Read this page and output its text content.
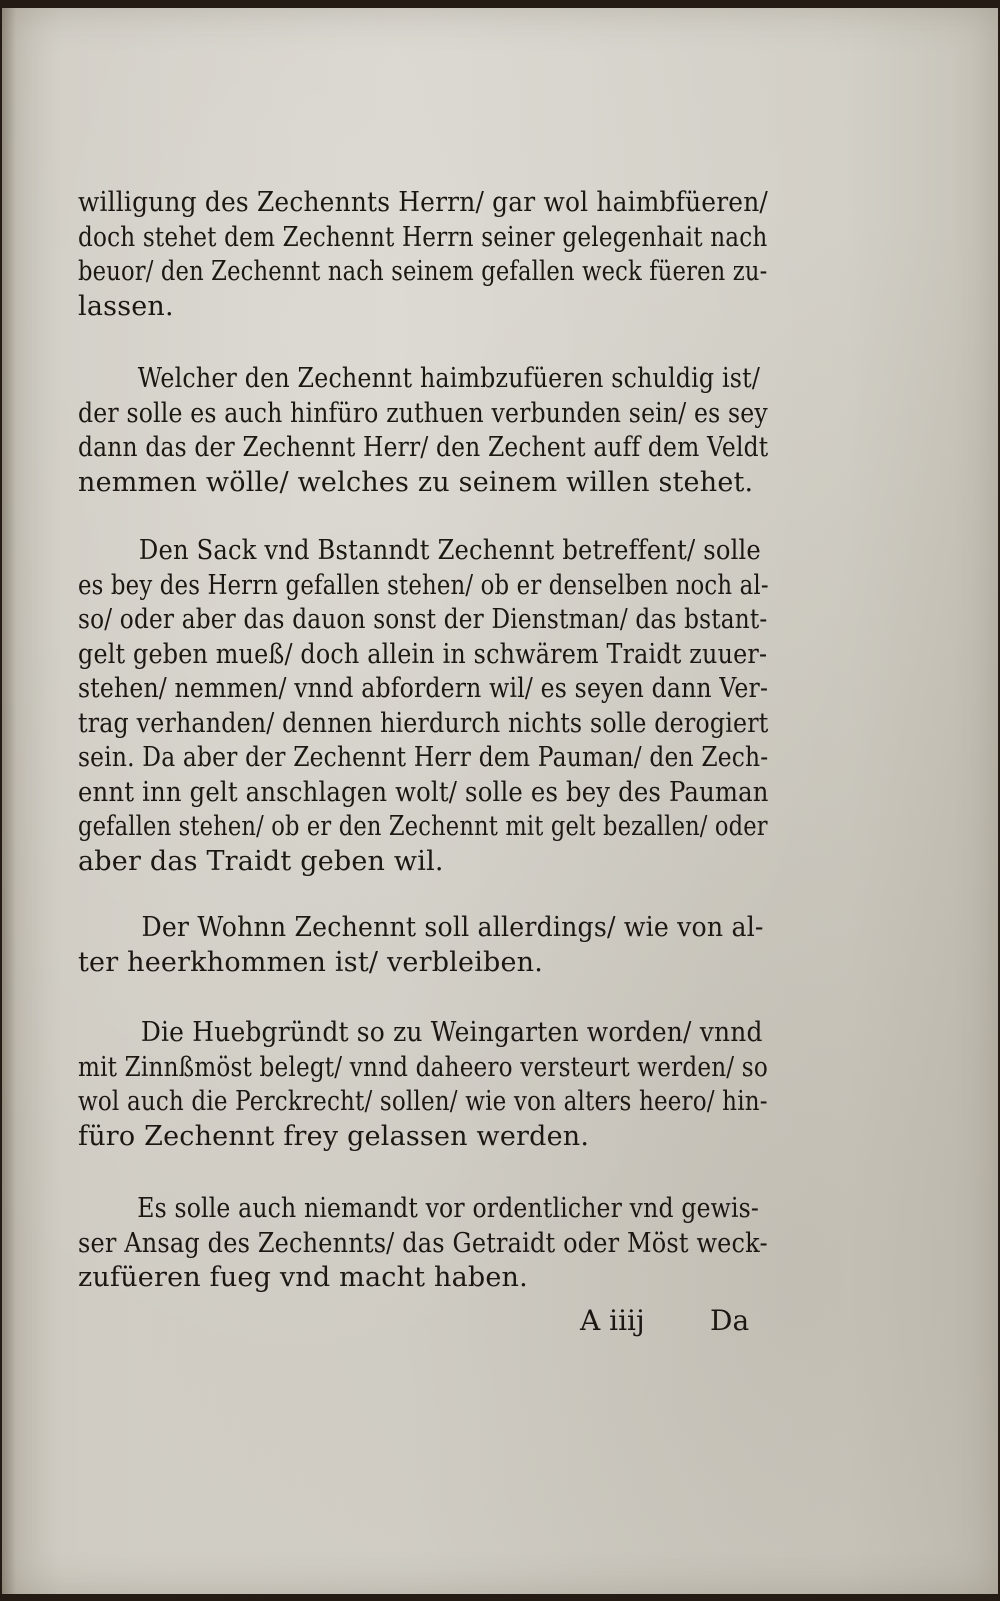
willigung des Zechennts Herrn/ gar wol haimbfüeren/
doch stehet dem Zechennt Herrn seiner gelegenhait nach
beuor/ den Zechennt nach seinem gefallen weck füeren zu-
lassen.

Welcher den Zechennt haimbzufüeren schuldig ist/
der solle es auch hinfüro zuthuen verbunden sein/ es sey
dann das der Zechennt Herr/ den Zechent auff dem Veldt
nemmen wölle/ welches zu seinem willen stehet.

Den Sack vnd Bstanndt Zechennt betreffent/ solle
es bey des Herrn gefallen stehen/ ob er denselben noch al-
so/ oder aber das dauon sonst der Dienstman/ das bstant-
gelt geben mueß/ doch allein in schwärem Traidt zuuer-
stehen/ nemmen/ vnnd abfordern wil/ es seyen dann Ver-
trag verhanden/ dennen hierdurch nichts solle derogiert
sein. Da aber der Zechennt Herr dem Pauman/ den Zech-
ennt inn gelt anschlagen wolt/ solle es bey des Pauman
gefallen stehen/ ob er den Zechennt mit gelt bezallen/ oder
aber das Traidt geben wil.

Der Wohnn Zechennt soll allerdings/ wie von al-
ter heerkhommen ist/ verbleiben.

Die Huebgründt so zu Weingarten worden/ vnnd
mit Zinnßmöst belegt/ vnnd daheero versteurt werden/ so
wol auch die Perckrecht/ sollen/ wie von alters heero/ hin-
füro Zechennt frey gelassen werden.

Es solle auch niemandt vor ordentlicher vnd gewis-
ser Ansag des Zechennts/ das Getraidt oder Möst weck-
zufüeren fueg vnd macht haben.

A iiij Da
